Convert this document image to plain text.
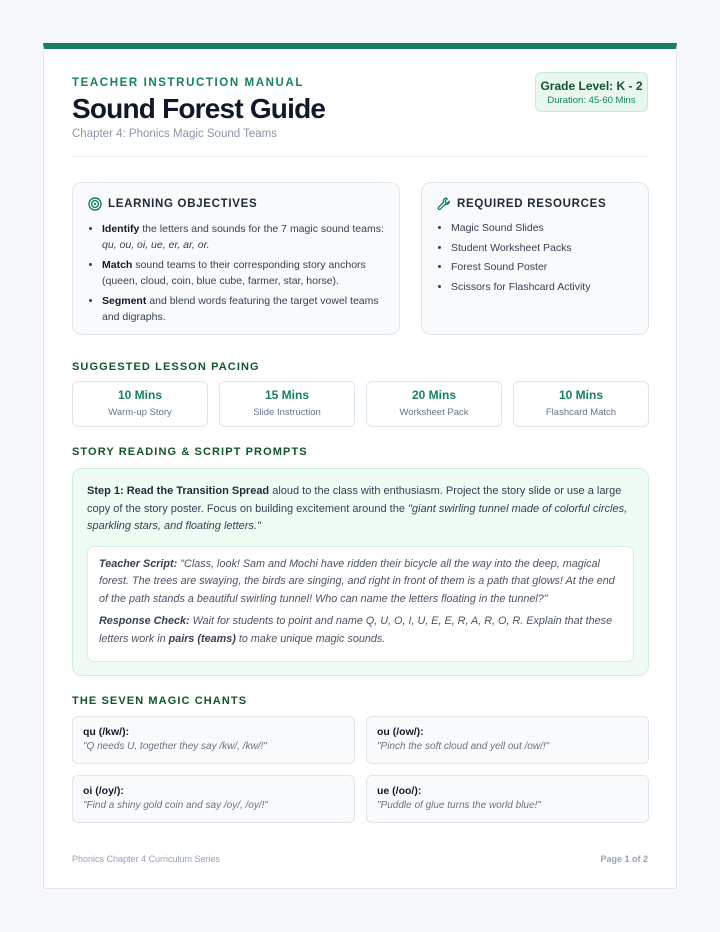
TEACHER INSTRUCTION MANUAL
Sound Forest Guide
Chapter 4: Phonics Magic Sound Teams
Grade Level: K - 2
Duration: 45-60 Mins
LEARNING OBJECTIVES
• Identify the letters and sounds for the 7 magic sound teams: qu, ou, oi, ue, er, ar, or.
• Match sound teams to their corresponding story anchors (queen, cloud, coin, blue cube, farmer, star, horse).
• Segment and blend words featuring the target vowel teams and digraphs.
REQUIRED RESOURCES
• Magic Sound Slides
• Student Worksheet Packs
• Forest Sound Poster
• Scissors for Flashcard Activity
SUGGESTED LESSON PACING
10 Mins
Warm-up Story
15 Mins
Slide Instruction
20 Mins
Worksheet Pack
10 Mins
Flashcard Match
STORY READING & SCRIPT PROMPTS

Step 1: Read the Transition Spread aloud to the class with enthusiasm. Project the story slide or use a large copy of the story poster. Focus on building excitement around the "giant swirling tunnel made of colorful circles, sparkling stars, and floating letters."

Teacher Script: "Class, look! Sam and Mochi have ridden their bicycle all the way into the deep, magical forest. The trees are swaying, the birds are singing, and right in front of them is a path that glows! At the end of the path stands a beautiful swirling tunnel! Who can name the letters floating in the tunnel?"

Response Check: Wait for students to point and name Q, U, O, I, U, E, E, R, A, R, O, R. Explain that these letters work in pairs (teams) to make unique magic sounds.

THE SEVEN MAGIC CHANTS
qu (/kw/):
"Q needs U, together they say /kw/, /kw/!"
ou (/ow/):
"Pinch the soft cloud and yell out /ow/!"
oi (/oy/):
"Find a shiny gold coin and say /oy/, /oy/!"
ue (/oo/):
"Puddle of glue turns the world blue!"
Phonics Chapter 4 Curriculum Series	Page 1 of 2
